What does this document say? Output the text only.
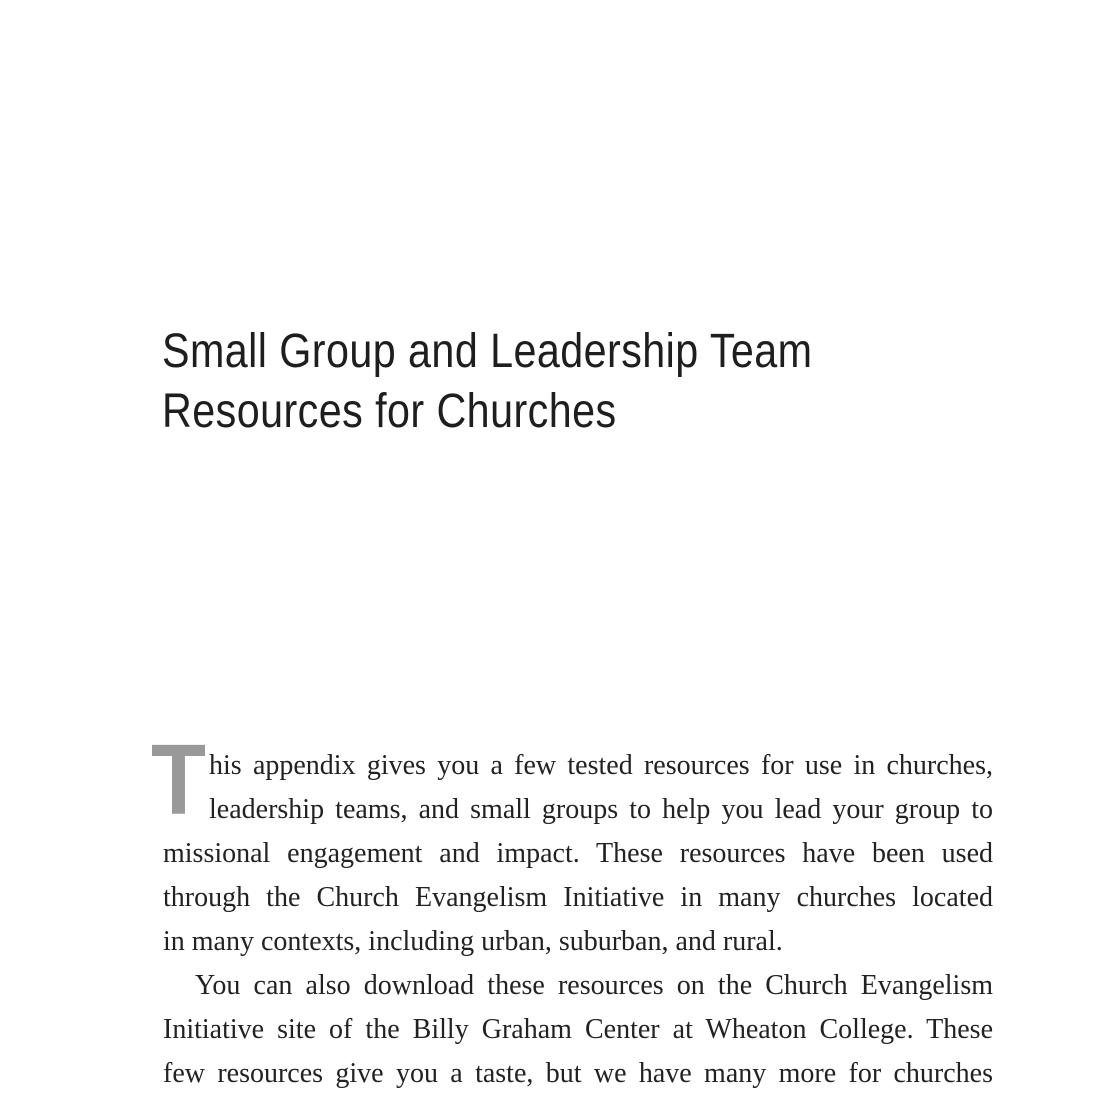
Small Group and Leadership Team
Resources for Churches
T his appendix gives you a few tested resources for use in churches,
leadership teams, and small groups to help you lead your group to
missional engagement and impact. These resources have been used
through the Church Evangelism Initiative in many churches located
in many contexts, including urban, suburban, and rural.
You can also download these resources on the Church Evangelism
Initiative site of the Billy Graham Center at Wheaton College. These
few resources give you a taste, but we have many more for churches
